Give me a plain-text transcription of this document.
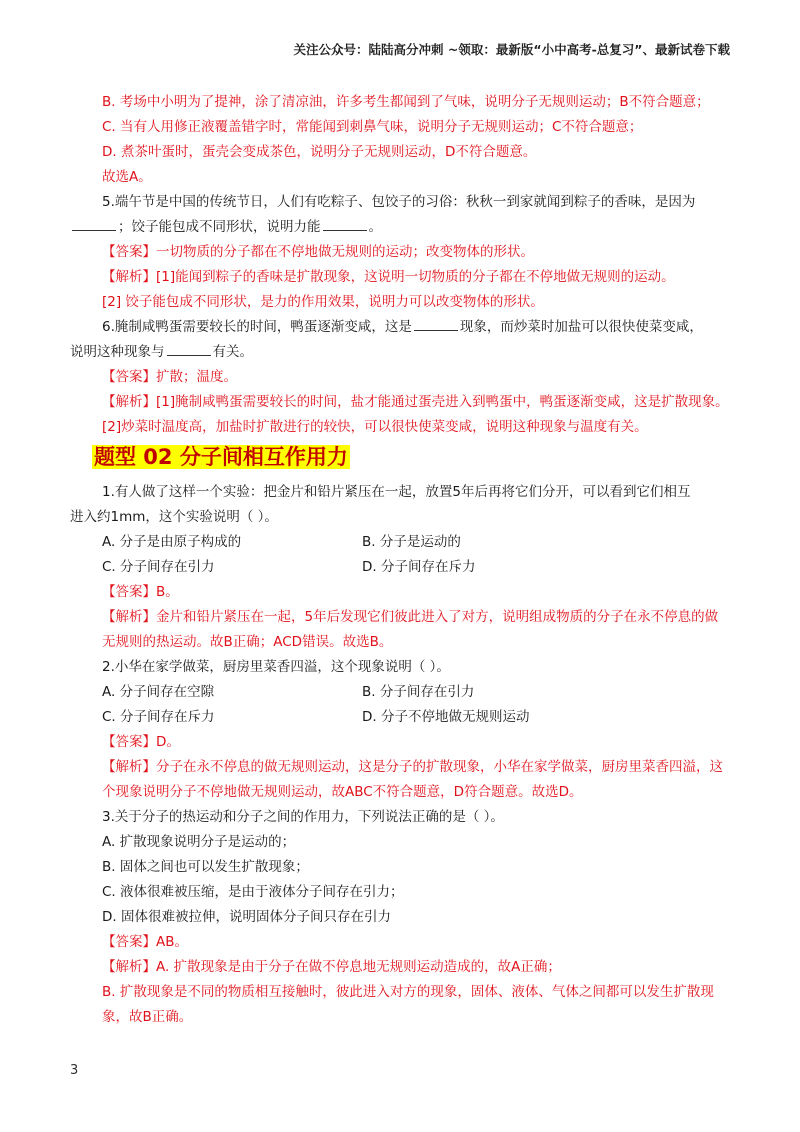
关注公众号：陆陆高分冲刺 ~领取：最新版“小中高考-总复习”、最新试卷下载
B. 考场中小明为了提神，涂了清凉油，许多考生都闻到了气味，说明分子无规则运动；B不符合题意；
C. 当有人用修正液覆盖错字时，常能闻到刺鼻气味，说明分子无规则运动；C不符合题意；
D. 煮茶叶蛋时，蛋壳会变成茶色，说明分子无规则运动，D不符合题意。
故选A。
5.端午节是中国的传统节日，人们有吃粽子、包饺子的习俗：秋秋一到家就闻到粽子的香味，是因为
；饺子能包成不同形状，说明力能	。
【答案】一切物质的分子都在不停地做无规则的运动；改变物体的形状。
【解析】[1]能闻到粽子的香味是扩散现象，这说明一切物质的分子都在不停地做无规则的运动。
[2] 饺子能包成不同形状，是力的作用效果，说明力可以改变物体的形状。
6.腌制咸鸭蛋需要较长的时间，鸭蛋逐渐变咸，这是	现象，而炒菜时加盐可以很快使菜变咸，
说明这种现象与	有关。
【答案】扩散；温度。
【解析】[1]腌制咸鸭蛋需要较长的时间，盐才能通过蛋壳进入到鸭蛋中，鸭蛋逐渐变咸，这是扩散现象。
[2]炒菜时温度高，加盐时扩散进行的较快，可以很快使菜变咸，说明这种现象与温度有关。
题型 02 分子间相互作用力
1.有人做了这样一个实验：把金片和铅片紧压在一起，放置5年后再将它们分开，可以看到它们相互
进入约1mm，这个实验说明（ ）。
A. 分子是由原子构成的	B. 分子是运动的
C. 分子间存在引力	D. 分子间存在斥力
【答案】B。
【解析】金片和铅片紧压在一起，5年后发现它们彼此进入了对方，说明组成物质的分子在永不停息的做无规则的热运动。故B正确；ACD错误。故选B。
2.小华在家学做菜，厨房里菜香四溢，这个现象说明（ ）。
A. 分子间存在空隙	B. 分子间存在引力
C. 分子间存在斥力	D. 分子不停地做无规则运动
【答案】D。
【解析】分子在永不停息的做无规则运动，这是分子的扩散现象，小华在家学做菜，厨房里菜香四溢，这个现象说明分子不停地做无规则运动，故ABC不符合题意，D符合题意。故选D。
3.关于分子的热运动和分子之间的作用力，下列说法正确的是（ ）。
A. 扩散现象说明分子是运动的；
B. 固体之间也可以发生扩散现象；
C. 液体很难被压缩，是由于液体分子间存在引力；
D. 固体很难被拉伸，说明固体分子间只存在引力
【答案】AB。
【解析】A. 扩散现象是由于分子在做不停息地无规则运动造成的，故A正确；
B. 扩散现象是不同的物质相互接触时，彼此进入对方的现象，固体、液体、气体之间都可以发生扩散现象，故B正确。
3
